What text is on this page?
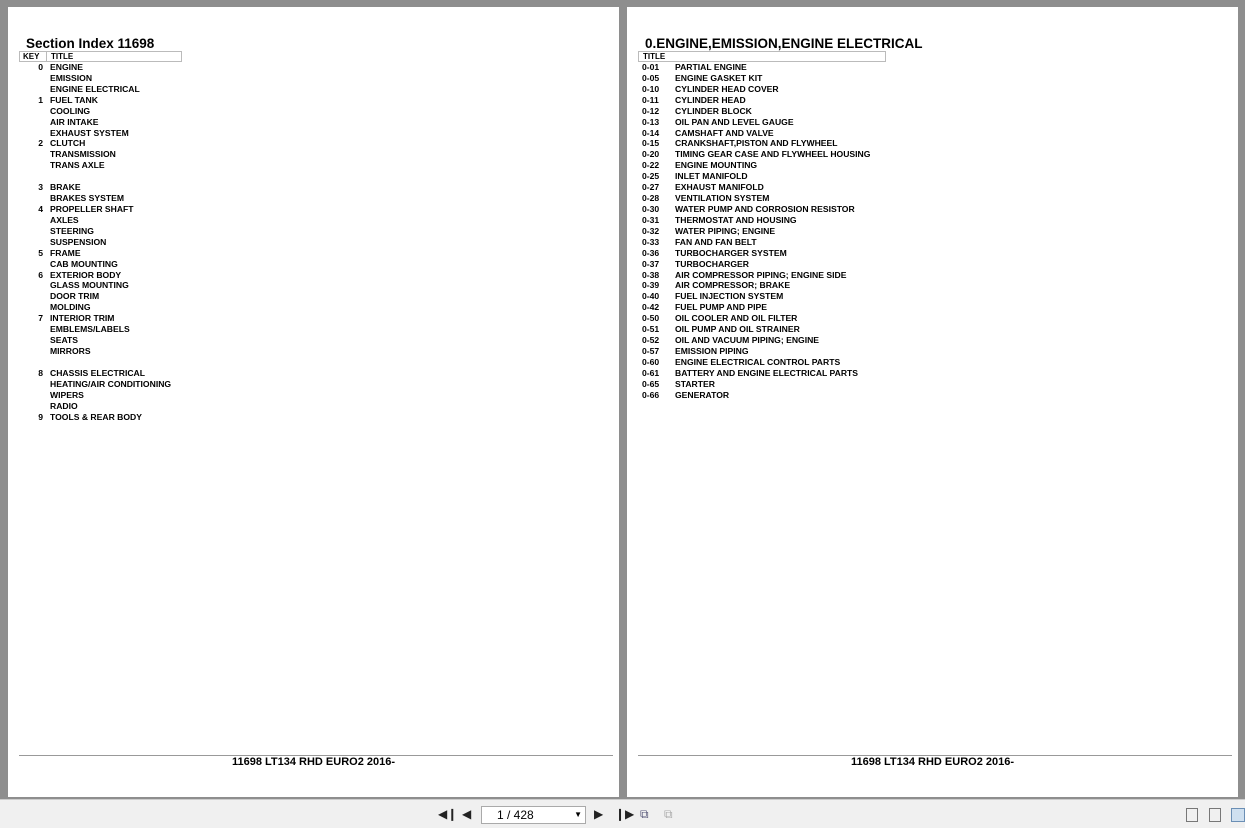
Section Index 11698
KEY	TITLE
0 ENGINE
EMISSION
ENGINE ELECTRICAL
1 FUEL TANK
COOLING
AIR INTAKE
EXHAUST SYSTEM
2 CLUTCH
TRANSMISSION
TRANS AXLE
3 BRAKE
BRAKES SYSTEM
4 PROPELLER SHAFT
AXLES
STEERING
SUSPENSION
5 FRAME
CAB MOUNTING
6 EXTERIOR BODY
GLASS MOUNTING
DOOR TRIM
MOLDING
7 INTERIOR TRIM
EMBLEMS/LABELS
SEATS
MIRRORS
8 CHASSIS ELECTRICAL
HEATING/AIR CONDITIONING
WIPERS
RADIO
9 TOOLS & REAR BODY
11698 LT134 RHD EURO2 2016-
0.ENGINE,EMISSION,ENGINE ELECTRICAL
TITLE
0-01	PARTIAL ENGINE
0-05	ENGINE GASKET KIT
0-10	CYLINDER HEAD COVER
0-11	CYLINDER HEAD
0-12	CYLINDER BLOCK
0-13	OIL PAN AND LEVEL GAUGE
0-14	CAMSHAFT AND VALVE
0-15	CRANKSHAFT,PISTON AND FLYWHEEL
0-20	TIMING GEAR CASE AND FLYWHEEL HOUSING
0-22	ENGINE MOUNTING
0-25	INLET MANIFOLD
0-27	EXHAUST MANIFOLD
0-28	VENTILATION SYSTEM
0-30	WATER PUMP AND CORROSION RESISTOR
0-31	THERMOSTAT AND HOUSING
0-32	WATER PIPING; ENGINE
0-33	FAN AND FAN BELT
0-36	TURBOCHARGER SYSTEM
0-37	TURBOCHARGER
0-38	AIR COMPRESSOR PIPING; ENGINE SIDE
0-39	AIR COMPRESSOR; BRAKE
0-40	FUEL INJECTION SYSTEM
0-42	FUEL PUMP AND PIPE
0-50	OIL COOLER AND OIL FILTER
0-51	OIL PUMP AND OIL STRAINER
0-52	OIL AND VACUUM PIPING; ENGINE
0-57	EMISSION PIPING
0-60	ENGINE ELECTRICAL CONTROL PARTS
0-61	BATTERY AND ENGINE ELECTRICAL PARTS
0-65	STARTER
0-66	GENERATOR
11698 LT134 RHD EURO2 2016-
◀❙ ◀	1 / 428	▼ ▶ ❙▶ ⧉ ⧉
